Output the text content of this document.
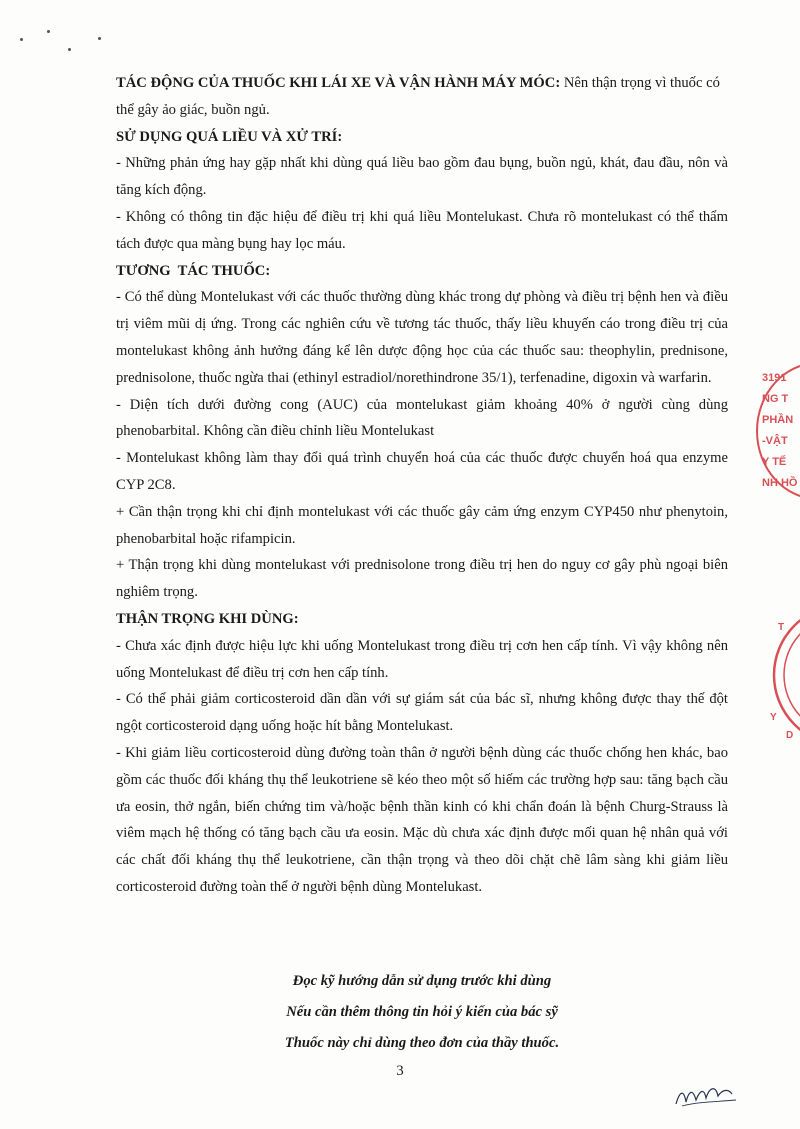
TÁC ĐỘNG CỦA THUỐC KHI LÁI XE VÀ VẬN HÀNH MÁY MÓC: Nên thận trọng vì thuốc có thể gây ảo giác, buồn ngủ.

SỬ DỤNG QUÁ LIỀU VÀ XỬ TRÍ:

- Những phản ứng hay gặp nhất khi dùng quá liều bao gồm đau bụng, buồn ngủ, khát, đau đầu, nôn và tăng kích động.

- Không có thông tin đặc hiệu để điều trị khi quá liều Montelukast. Chưa rõ montelukast có thể thẩm tách được qua màng bụng hay lọc máu.

TƯƠNG  TÁC THUỐC:

- Có thể dùng Montelukast với các thuốc thường dùng khác trong dự phòng và điều trị bệnh hen và điều trị viêm mũi dị ứng. Trong các nghiên cứu về tương tác thuốc, thấy liều khuyến cáo trong điều trị của montelukast không ảnh hưởng đáng kể lên dược động học của các thuốc sau: theophylin, prednisone, prednisolone, thuốc ngừa thai (ethinyl estradiol/norethindrone 35/1), terfenadine, digoxin và warfarin.

- Diện tích dưới đường cong (AUC) của montelukast giảm khoảng 40% ở người cùng dùng phenobarbital. Không cần điều chỉnh liều Montelukast

- Montelukast không làm thay đổi quá trình chuyển hoá của các thuốc được chuyển hoá qua enzyme CYP 2C8.

+ Cần thận trọng khi chỉ định montelukast với các thuốc gây cảm ứng enzym CYP450 như phenytoin, phenobarbital hoặc rifampicin.

+ Thận trọng khi dùng montelukast với prednisolone trong điều trị hen do nguy cơ gây phù ngoại biên nghiêm trọng.

THẬN TRỌNG KHI DÙNG:

- Chưa xác định được hiệu lực khi uống Montelukast trong điều trị cơn hen cấp tính. Vì vậy không nên uống Montelukast để điều trị cơn hen cấp tính.

- Có thể phải giảm corticosteroid dần dần với sự giám sát của bác sĩ, nhưng không được thay thế đột ngột corticosteroid dạng uống hoặc hít bằng Montelukast.

- Khi giảm liều corticosteroid dùng đường toàn thân ở người bệnh dùng các thuốc chống hen khác, bao gồm các thuốc đối kháng thụ thể leukotriene sẽ kéo theo một số hiếm các trường hợp sau: tăng bạch cầu ưa eosin, thở ngắn, biến chứng tim và/hoặc bệnh thần kinh có khi chẩn đoán là bệnh Churg-Strauss là viêm mạch hệ thống có tăng bạch cầu ưa eosin. Mặc dù chưa xác định được mối quan hệ nhân quả với các chất đối kháng thụ thể leukotriene, cần thận trọng và theo dõi chặt chẽ lâm sàng khi giảm liều corticosteroid đường toàn thể ở người bệnh dùng Montelukast.

Đọc kỹ hướng dẫn sử dụng trước khi dùng
Nếu cần thêm thông tin hỏi ý kiến của bác sỹ
Thuốc này chỉ dùng theo đơn của thầy thuốc.
3
3191
NG T
PHẦN
-VẬT
Y TẾ
NH HỒ
T
Y
D
